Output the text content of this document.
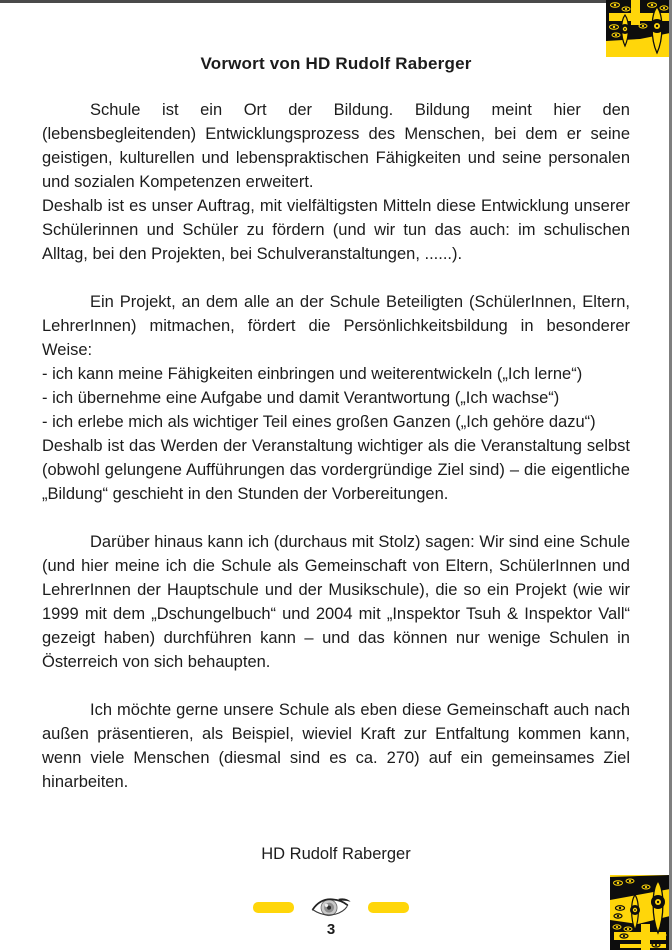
Vorwort von HD Rudolf Raberger

Schule ist ein Ort der Bildung. Bildung meint hier den (lebensbegleitenden) Entwicklungsprozess des Menschen, bei dem er seine geistigen, kulturellen und lebenspraktischen Fähigkeiten und seine personalen und sozialen Kompetenzen erweitert.

Deshalb ist es unser Auftrag, mit vielfältigsten Mitteln diese Entwicklung unserer Schülerinnen und Schüler zu fördern (und wir tun das auch: im schulischen Alltag, bei den Projekten, bei Schulveranstaltungen, ......).

Ein Projekt, an dem alle an der Schule Beteiligten (SchülerInnen, Eltern, LehrerInnen) mitmachen, fördert die Persönlichkeitsbildung in besonderer Weise:

- ich kann meine Fähigkeiten einbringen und weiterentwickeln („Ich lerne“)

- ich übernehme eine Aufgabe und damit Verantwortung („Ich wachse“)

- ich erlebe mich als wichtiger Teil eines großen Ganzen („Ich gehöre dazu“)

Deshalb ist das Werden der Veranstaltung wichtiger als die Veranstaltung selbst (obwohl gelungene Aufführungen das vordergründige Ziel sind) – die eigentliche „Bildung“ geschieht in den Stunden der Vorbereitungen.

Darüber hinaus kann ich (durchaus mit Stolz) sagen: Wir sind eine Schule (und hier meine ich die Schule als Gemeinschaft von Eltern, SchülerInnen und LehrerInnen der Hauptschule und der Musikschule), die so ein Projekt (wie wir 1999 mit dem „Dschungelbuch“ und 2004 mit „Inspektor Tsuh & Inspektor Vall“ gezeigt haben) durchführen kann – und das können nur wenige Schulen in Österreich von sich behaupten.

Ich möchte gerne unsere Schule als eben diese Gemeinschaft auch nach außen präsentieren, als Beispiel, wieviel Kraft zur Entfaltung kommen kann, wenn viele Menschen (diesmal sind es ca. 270) auf ein gemeinsames Ziel hinarbeiten.

HD Rudolf Raberger

3
